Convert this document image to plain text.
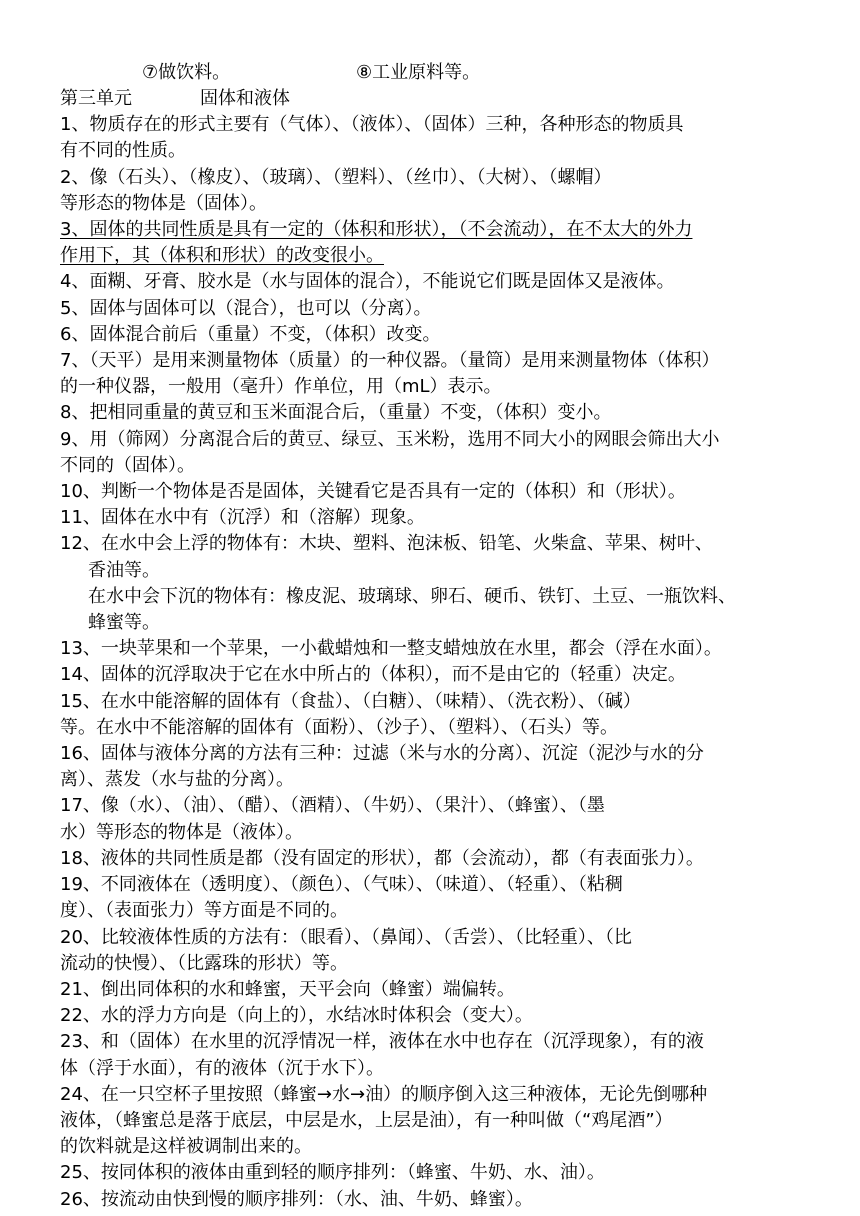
⑦做饮料。	⑧工业原料等。
第三单元	固体和液体
1、物质存在的形式主要有（气体）、（液体）、（固体）三种，各种形态的物质具
有不同的性质。
2、像（石头）、（橡皮）、（玻璃）、（塑料）、（丝巾）、（大树）、（螺帽）
等形态的物体是（固体）。
3、固体的共同性质是具有一定的（体积和形状），（不会流动），在不太大的外力
作用下，其（体积和形状）的改变很小。
4、面糊、牙膏、胶水是（水与固体的混合），不能说它们既是固体又是液体。
5、固体与固体可以（混合），也可以（分离）。
6、固体混合前后（重量）不变，（体积）改变。
7、（天平）是用来测量物体（质量）的一种仪器。（量筒）是用来测量物体（体积）
的一种仪器，一般用（毫升）作单位，用（mL）表示。
8、把相同重量的黄豆和玉米面混合后，（重量）不变，（体积）变小。
9、用（筛网）分离混合后的黄豆、绿豆、玉米粉，选用不同大小的网眼会筛出大小
不同的（固体）。
10、判断一个物体是否是固体，关键看它是否具有一定的（体积）和（形状）。
11、固体在水中有（沉浮）和（溶解）现象。
12、在水中会上浮的物体有：木块、塑料、泡沫板、铅笔、火柴盒、苹果、树叶、
香油等。
在水中会下沉的物体有：橡皮泥、玻璃球、卵石、硬币、铁钉、土豆、一瓶饮料、
蜂蜜等。
13、一块苹果和一个苹果，一小截蜡烛和一整支蜡烛放在水里，都会（浮在水面）。
14、固体的沉浮取决于它在水中所占的（体积），而不是由它的（轻重）决定。
15、在水中能溶解的固体有（食盐）、（白糖）、（味精）、（洗衣粉）、（碱）
等。在水中不能溶解的固体有（面粉）、（沙子）、（塑料）、（石头）等。
16、固体与液体分离的方法有三种：过滤（米与水的分离）、沉淀（泥沙与水的分
离）、蒸发（水与盐的分离）。
17、像（水）、（油）、（醋）、（酒精）、（牛奶）、（果汁）、（蜂蜜）、（墨
水）等形态的物体是（液体）。
18、液体的共同性质是都（没有固定的形状），都（会流动），都（有表面张力）。
19、不同液体在（透明度）、（颜色）、（气味）、（味道）、（轻重）、（粘稠
度）、（表面张力）等方面是不同的。
20、比较液体性质的方法有：（眼看）、（鼻闻）、（舌尝）、（比轻重）、（比
流动的快慢）、（比露珠的形状）等。
21、倒出同体积的水和蜂蜜，天平会向（蜂蜜）端偏转。
22、水的浮力方向是（向上的），水结冰时体积会（变大）。
23、和（固体）在水里的沉浮情况一样，液体在水中也存在（沉浮现象），有的液
体（浮于水面），有的液体（沉于水下）。
24、在一只空杯子里按照（蜂蜜→水→油）的顺序倒入这三种液体，无论先倒哪种
液体，（蜂蜜总是落于底层，中层是水，上层是油），有一种叫做（“鸡尾酒”）
的饮料就是这样被调制出来的。
25、按同体积的液体由重到轻的顺序排列：（蜂蜜、牛奶、水、油）。
26、按流动由快到慢的顺序排列：（水、油、牛奶、蜂蜜）。
